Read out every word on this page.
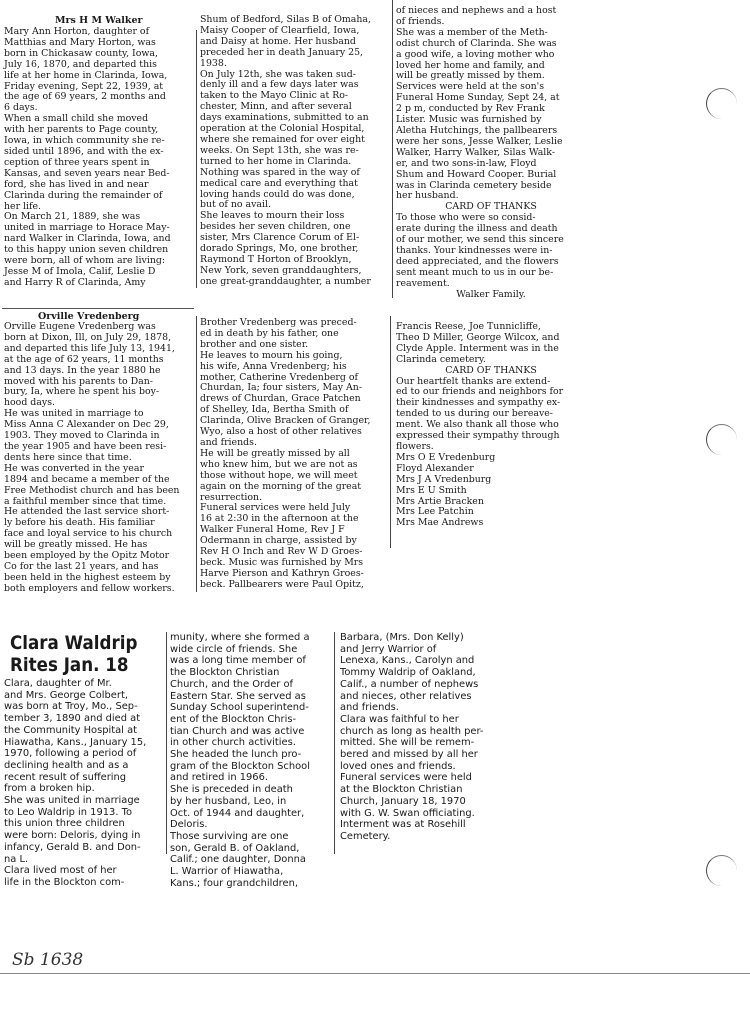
Mrs H M Walker
Mary Ann Horton, daughter of
Matthias and Mary Horton, was
born in Chickasaw county, Iowa,
July 16, 1870, and departed this
life at her home in Clarinda, Iowa,
Friday evening, Sept 22, 1939, at
the age of 69 years, 2 months and
6 days.
When a small child she moved
with her parents to Page county,
Iowa, in which community she re-
sided until 1896, and with the ex-
ception of three years spent in
Kansas, and seven years near Bed-
ford, she has lived in and near
Clarinda during the remainder of
her life.
On March 21, 1889, she was
united in marriage to Horace May-
nard Walker in Clarinda, Iowa, and
to this happy union seven children
were born, all of whom are living:
Jesse M of Imola, Calif, Leslie D
and Harry R of Clarinda, Amy
Shum of Bedford, Silas B of Omaha,
Maisy Cooper of Clearfield, Iowa,
and Daisy at home. Her husband
preceded her in death January 25,
1938.
On July 12th, she was taken sud-
denly ill and a few days later was
taken to the Mayo Clinic at Ro-
chester, Minn, and after several
days examinations, submitted to an
operation at the Colonial Hospital,
where she remained for over eight
weeks. On Sept 13th, she was re-
turned to her home in Clarinda.
Nothing was spared in the way of
medical care and everything that
loving hands could do was done,
but of no avail.
She leaves to mourn their loss
besides her seven children, one
sister, Mrs Clarence Corum of El-
dorado Springs, Mo, one brother,
Raymond T Horton of Brooklyn,
New York, seven granddaughters,
one great-granddaughter, a number
of nieces and nephews and a host
of friends.
She was a member of the Meth-
odist church of Clarinda. She was
a good wife, a loving mother who
loved her home and family, and
will be greatly missed by them.
Services were held at the son's
Funeral Home Sunday, Sept 24, at
2 p m, conducted by Rev Frank
Lister. Music was furnished by
Aletha Hutchings, the pallbearers
were her sons, Jesse Walker, Leslie
Walker, Harry Walker, Silas Walk-
er, and two sons-in-law, Floyd
Shum and Howard Cooper. Burial
was in Clarinda cemetery beside
her husband.
CARD OF THANKS
To those who were so consid-
erate during the illness and death
of our mother, we send this sincere
thanks. Your kindnesses were in-
deed appreciated, and the flowers
sent meant much to us in our be-
reavement.
Walker Family.
Orville Vredenberg
Orville Eugene Vredenberg was
born at Dixon, Ill, on July 29, 1878,
and departed this life July 13, 1941,
at the age of 62 years, 11 months
and 13 days. In the year 1880 he
moved with his parents to Dan-
bury, Ia, where he spent his boy-
hood days.
He was united in marriage to
Miss Anna C Alexander on Dec 29,
1903. They moved to Clarinda in
the year 1905 and have been resi-
dents here since that time.
He was converted in the year
1894 and became a member of the
Free Methodist church and has been
a faithful member since that time.
He attended the last service short-
ly before his death. His familiar
face and loyal service to his church
will be greatly missed. He has
been employed by the Opitz Motor
Co for the last 21 years, and has
been held in the highest esteem by
both employers and fellow workers.
Brother Vredenberg was preced-
ed in death by his father, one
brother and one sister.
He leaves to mourn his going,
his wife, Anna Vredenberg; his
mother, Catherine Vredenberg of
Churdan, Ia; four sisters, May An-
drews of Churdan, Grace Patchen
of Shelley, Ida, Bertha Smith of
Clarinda, Olive Bracken of Granger,
Wyo, also a host of other relatives
and friends.
He will be greatly missed by all
who knew him, but we are not as
those without hope, we will meet
again on the morning of the great
resurrection.
Funeral services were held July
16 at 2:30 in the afternoon at the
Walker Funeral Home, Rev J F
Odermann in charge, assisted by
Rev H O Inch and Rev W D Groes-
beck. Music was furnished by Mrs
Harve Pierson and Kathryn Groes-
beck. Pallbearers were Paul Opitz,
Francis Reese, Joe Tunnicliffe,
Theo D Miller, George Wilcox, and
Clyde Apple. Interment was in the
Clarinda cemetery.
CARD OF THANKS
Our heartfelt thanks are extend-
ed to our friends and neighbors for
their kindnesses and sympathy ex-
tended to us during our bereave-
ment. We also thank all those who
expressed their sympathy through
flowers.
Mrs O E Vredenburg
Floyd Alexander
Mrs J A Vredenburg
Mrs E U Smith
Mrs Artie Bracken
Mrs Lee Patchin
Mrs Mae Andrews
Clara Waldrip
Rites Jan. 18
Clara, daughter of Mr.
and Mrs. George Colbert,
was born at Troy, Mo., Sep-
tember 3, 1890 and died at
the Community Hospital at
Hiawatha, Kans., January 15,
1970, following a period of
declining health and as a
recent result of suffering
from a broken hip.
She was united in marriage
to Leo Waldrip in 1913. To
this union three children
were born: Deloris, dying in
infancy, Gerald B. and Don-
na L.
Clara lived most of her
life in the Blockton com-
munity, where she formed a
wide circle of friends. She
was a long time member of
the Blockton Christian
Church, and the Order of
Eastern Star. She served as
Sunday School superintend-
ent of the Blockton Chris-
tian Church and was active
in other church activities.
She headed the lunch pro-
gram of the Blockton School
and retired in 1966.
She is preceded in death
by her husband, Leo, in
Oct. of 1944 and daughter,
Deloris.
Those surviving are one
son, Gerald B. of Oakland,
Calif.; one daughter, Donna
L. Warrior of Hiawatha,
Kans.; four grandchildren,
Barbara, (Mrs. Don Kelly)
and Jerry Warrior of
Lenexa, Kans., Carolyn and
Tommy Waldrip of Oakland,
Calif., a number of nephews
and nieces, other relatives
and friends.
Clara was faithful to her
church as long as health per-
mitted. She will be remem-
bered and missed by all her
loved ones and friends.
Funeral services were held
at the Blockton Christian
Church, January 18, 1970
with G. W. Swan officiating.
Interment was at Rosehill
Cemetery.
Sb 1638
